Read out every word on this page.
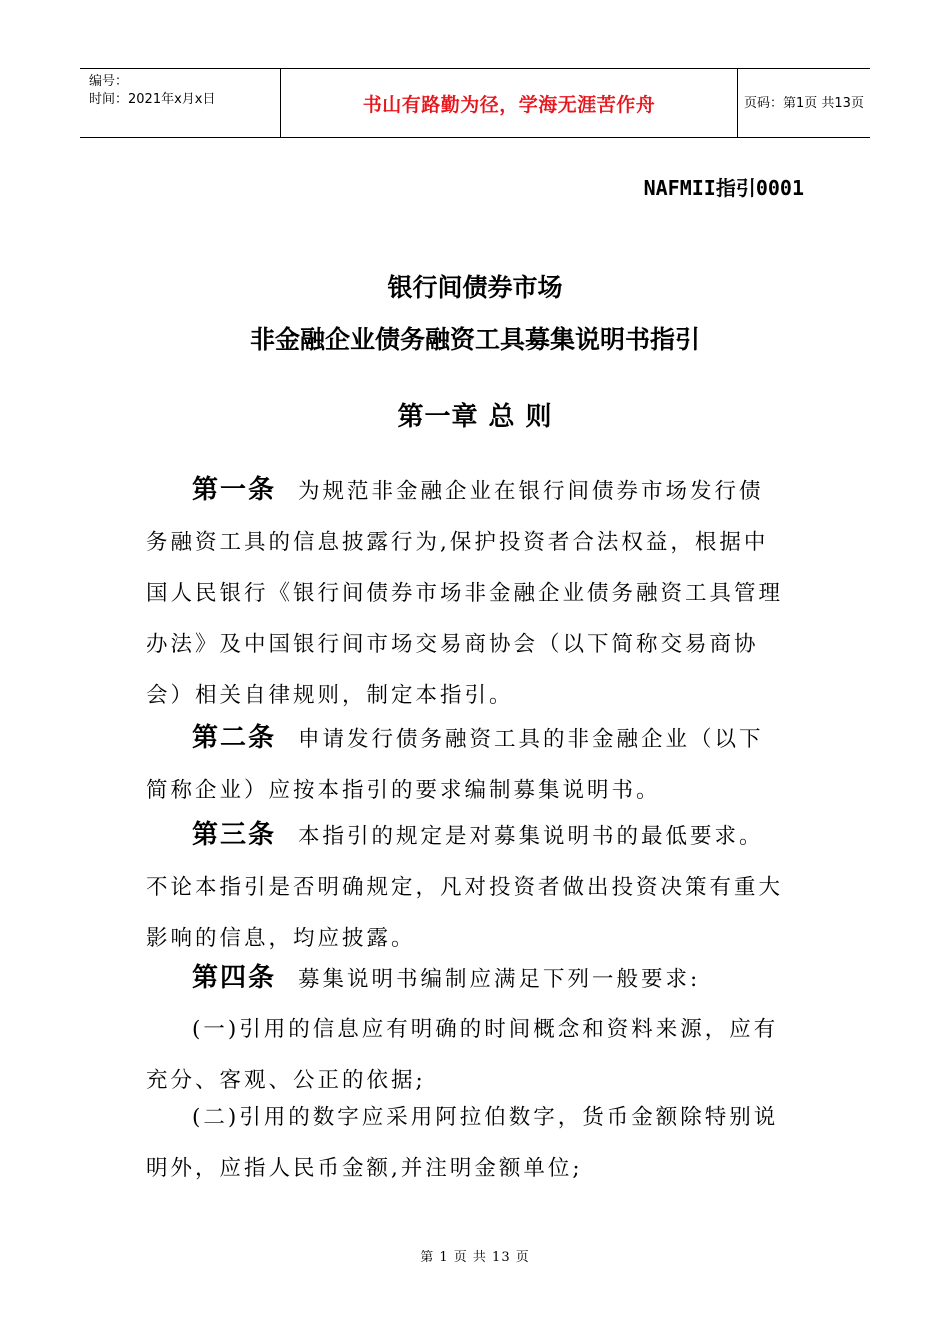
编号：
时间：2021年x月x日	书山有路勤为径，学海无涯苦作舟	页码：第1页 共13页
NAFMII指引0001
银行间债券市场
非金融企业债务融资工具募集说明书指引
第一章 总 则
第一条 为规范非金融企业在银行间债券市场发行债务融资工具的信息披露行为,保护投资者合法权益，根据中国人民银行《银行间债券市场非金融企业债务融资工具管理办法》及中国银行间市场交易商协会（以下简称交易商协会）相关自律规则，制定本指引。
第二条 申请发行债务融资工具的非金融企业（以下简称企业）应按本指引的要求编制募集说明书。
第三条 本指引的规定是对募集说明书的最低要求。不论本指引是否明确规定，凡对投资者做出投资决策有重大影响的信息，均应披露。
第四条 募集说明书编制应满足下列一般要求:
(一)引用的信息应有明确的时间概念和资料来源，应有充分、客观、公正的依据;
(二)引用的数字应采用阿拉伯数字，货币金额除特别说明外，应指人民币金额,并注明金额单位;
第 1 页 共 13 页
